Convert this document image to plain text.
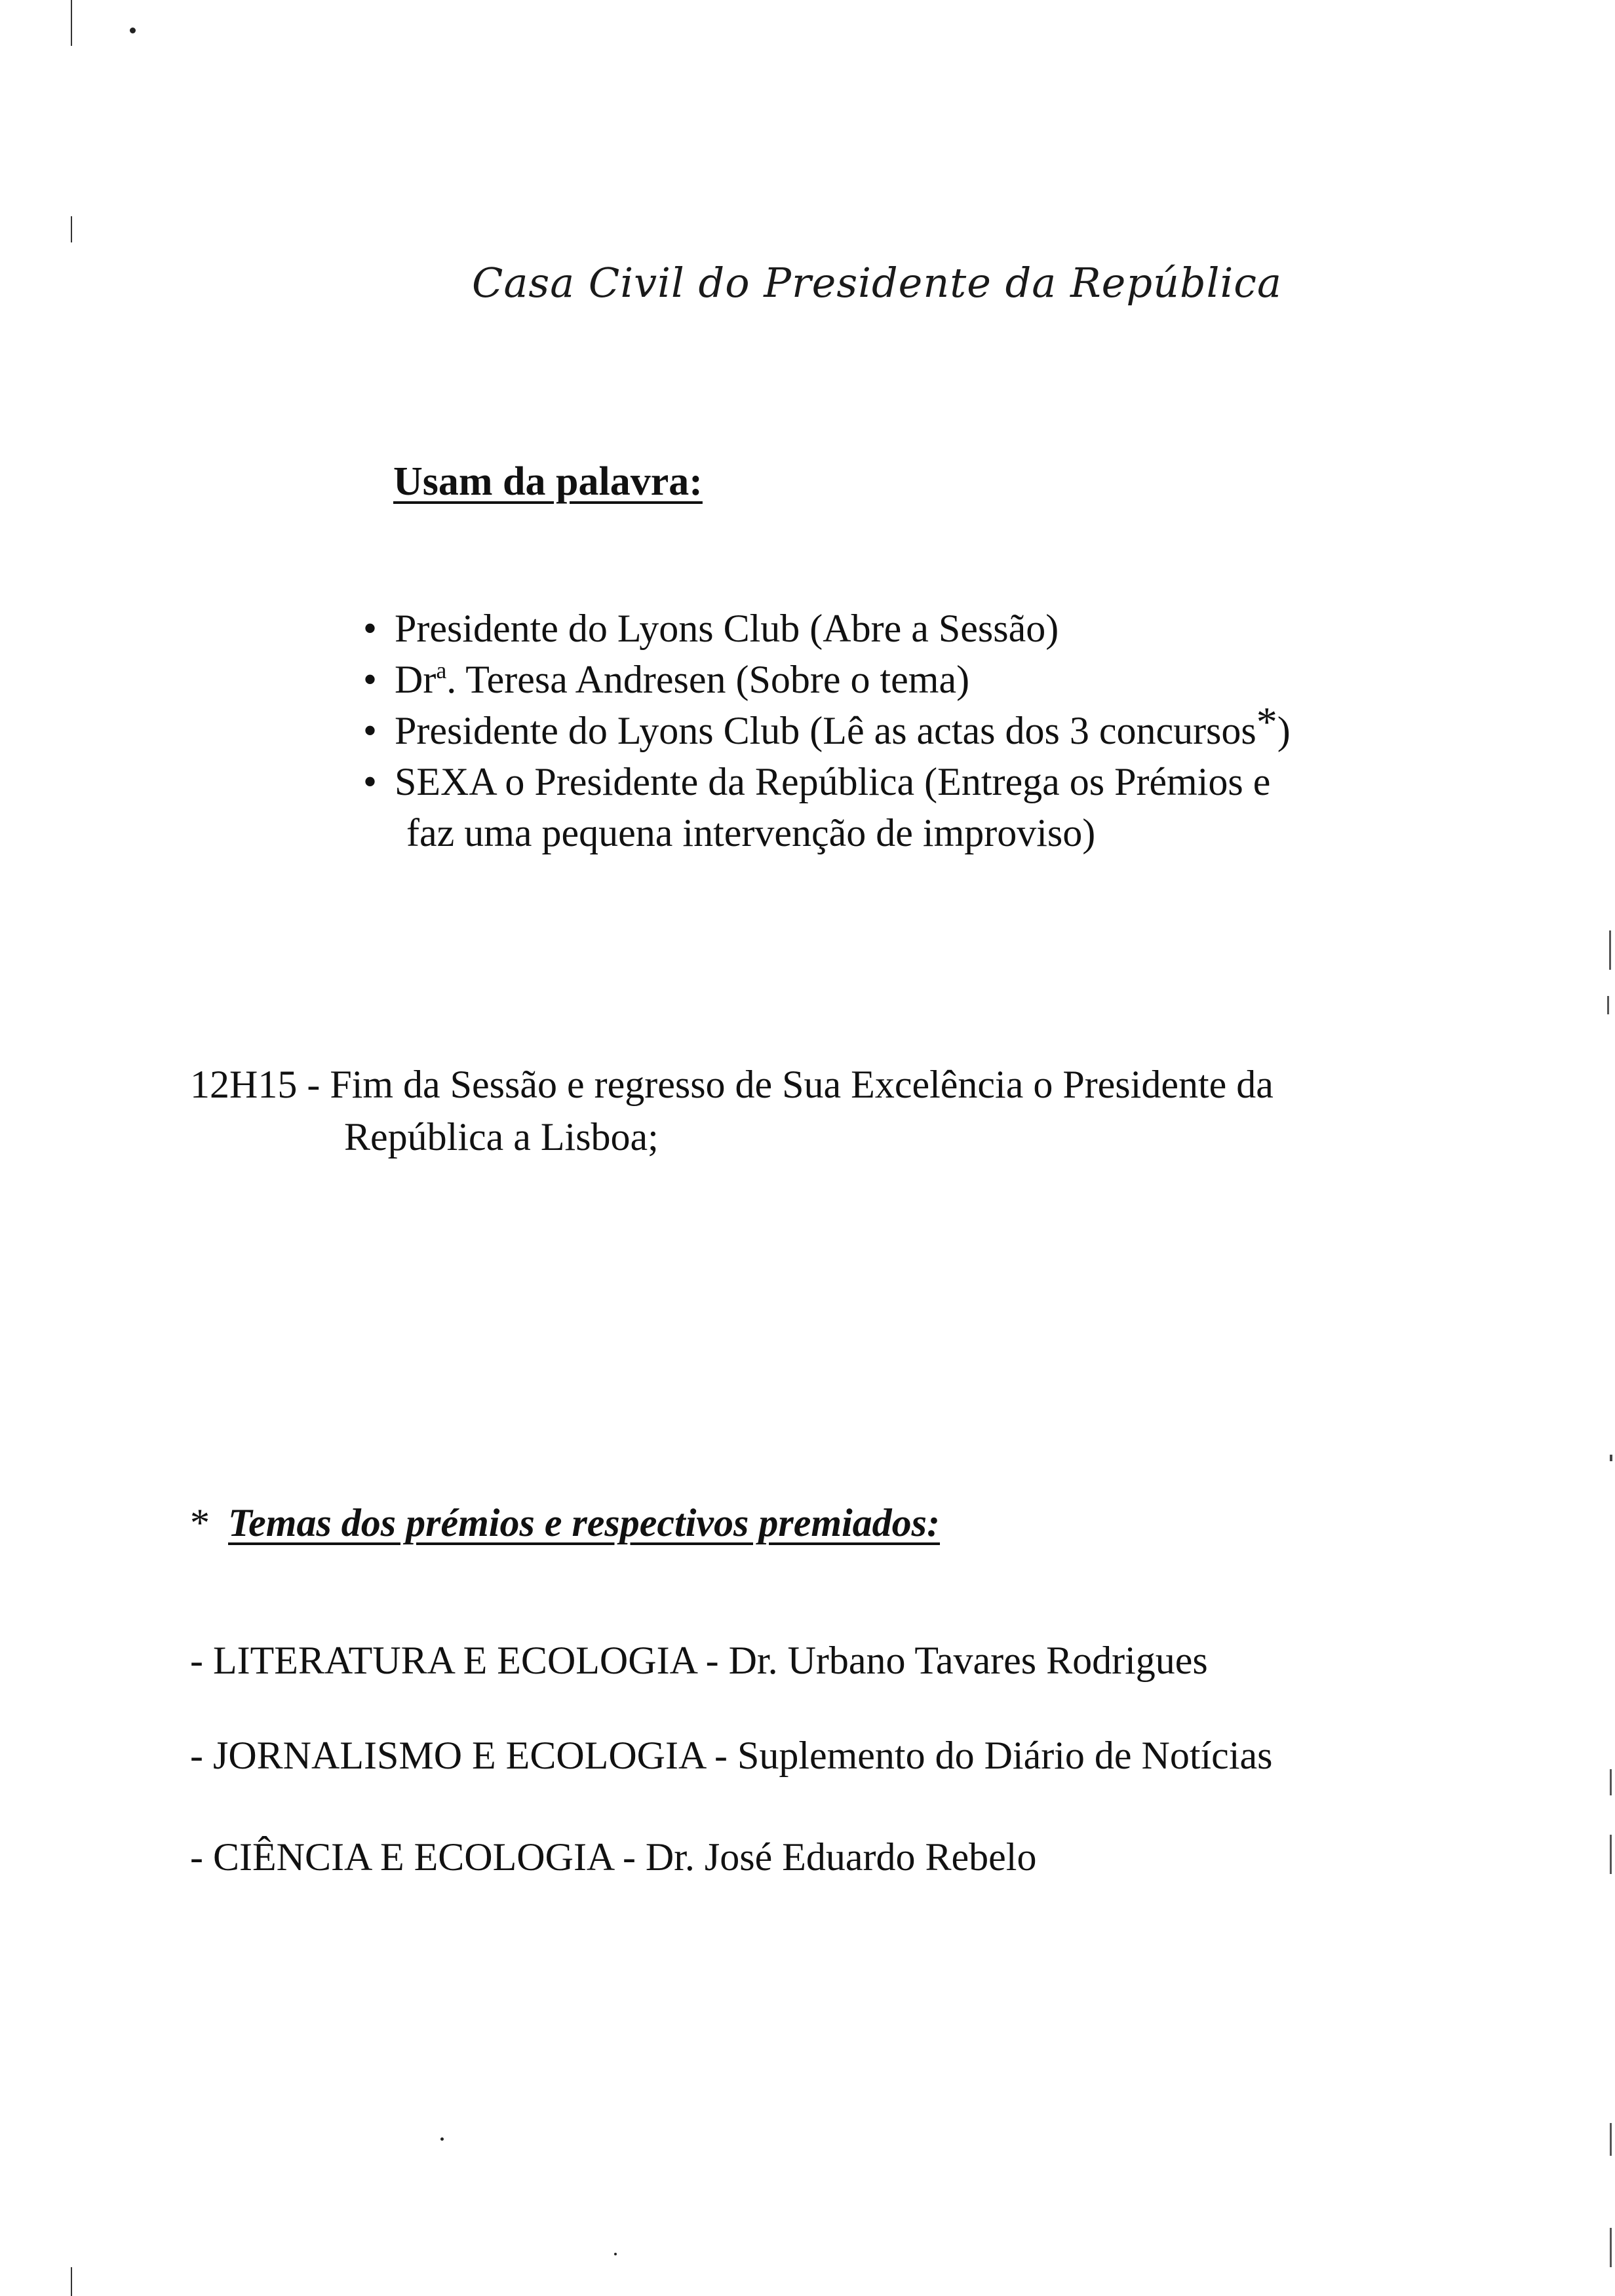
Casa Civil do Presidente da República
Usam da palavra:
• Presidente do Lyons Club (Abre a Sessão)
• Dr$^a$. Teresa Andresen (Sobre o tema)
• Presidente do Lyons Club (Lê as actas dos 3 concursos*)
• SEXA o Presidente da República (Entrega os Prémios e
faz uma pequena intervenção de improviso)
12H15 - Fim da Sessão e regresso de Sua Excelência o Presidente da
República a Lisboa;
* Temas dos prémios e respectivos premiados:
- LITERATURA E ECOLOGIA - Dr. Urbano Tavares Rodrigues
- JORNALISMO E ECOLOGIA - Suplemento do Diário de Notícias
- CIÊNCIA E ECOLOGIA - Dr. José Eduardo Rebelo
